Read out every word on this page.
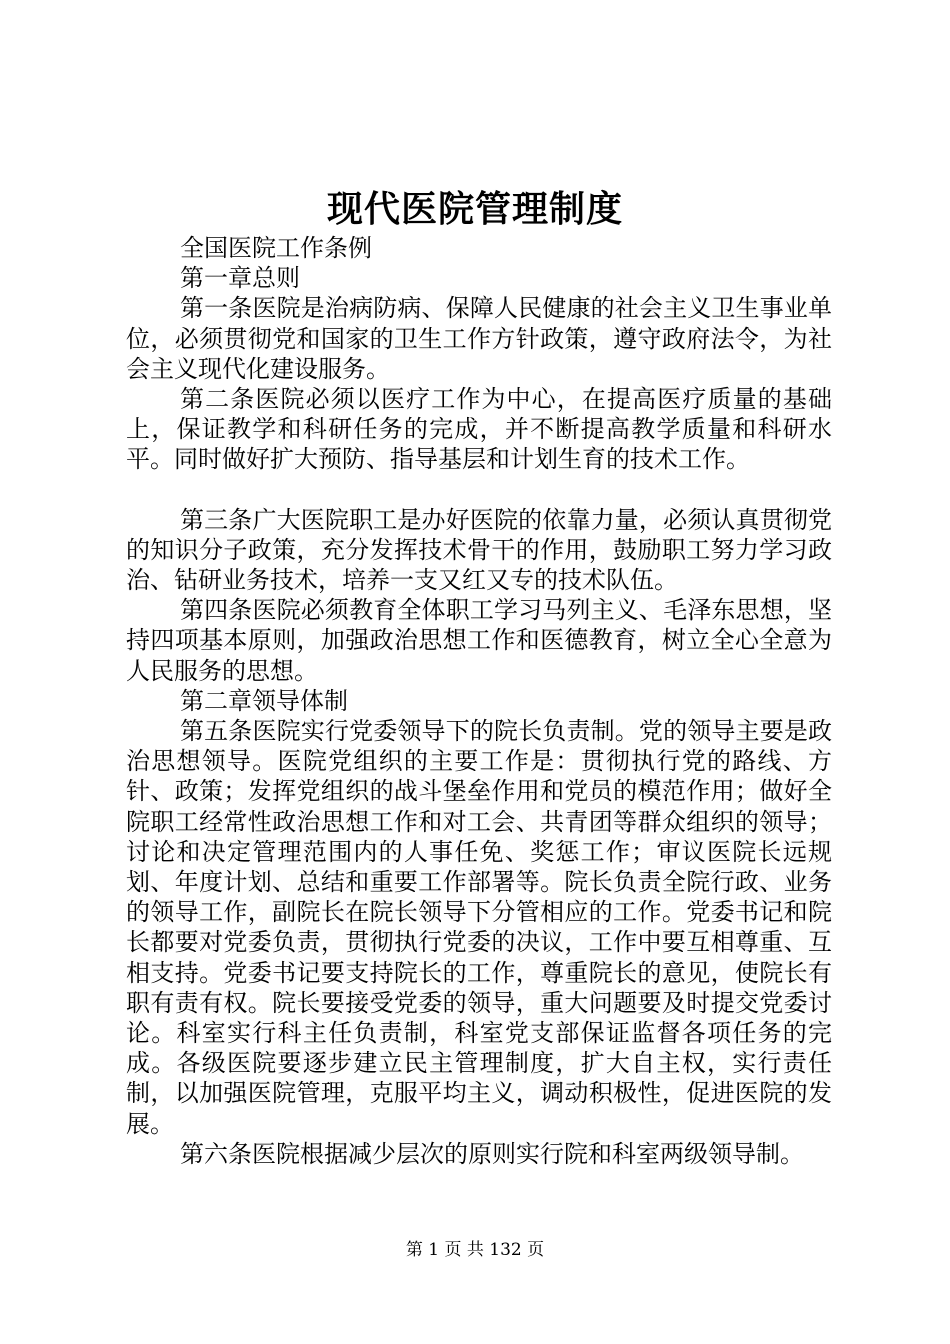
现代医院管理制度

全国医院工作条例

第一章总则

第一条医院是治病防病、保障人民健康的社会主义卫生事业单位，必须贯彻党和国家的卫生工作方针政策，遵守政府法令，为社会主义现代化建设服务。

第二条医院必须以医疗工作为中心，在提高医疗质量的基础上，保证教学和科研任务的完成，并不断提高教学质量和科研水平。同时做好扩大预防、指导基层和计划生育的技术工作。

第三条广大医院职工是办好医院的依靠力量，必须认真贯彻党的知识分子政策，充分发挥技术骨干的作用，鼓励职工努力学习政治、钻研业务技术，培养一支又红又专的技术队伍。

第四条医院必须教育全体职工学习马列主义、毛泽东思想，坚持四项基本原则，加强政治思想工作和医德教育，树立全心全意为人民服务的思想。

第二章领导体制

第五条医院实行党委领导下的院长负责制。党的领导主要是政治思想领导。医院党组织的主要工作是：贯彻执行党的路线、方针、政策；发挥党组织的战斗堡垒作用和党员的模范作用；做好全院职工经常性政治思想工作和对工会、共青团等群众组织的领导；讨论和决定管理范围内的人事任免、奖惩工作；审议医院长远规划、年度计划、总结和重要工作部署等。院长负责全院行政、业务的领导工作，副院长在院长领导下分管相应的工作。党委书记和院长都要对党委负责，贯彻执行党委的决议，工作中要互相尊重、互相支持。党委书记要支持院长的工作，尊重院长的意见，使院长有职有责有权。院长要接受党委的领导，重大问题要及时提交党委讨论。科室实行科主任负责制，科室党支部保证监督各项任务的完成。各级医院要逐步建立民主管理制度，扩大自主权，实行责任制，以加强医院管理，克服平均主义，调动积极性，促进医院的发展。

第六条医院根据减少层次的原则实行院和科室两级领导制。

第 1 页 共 132 页
